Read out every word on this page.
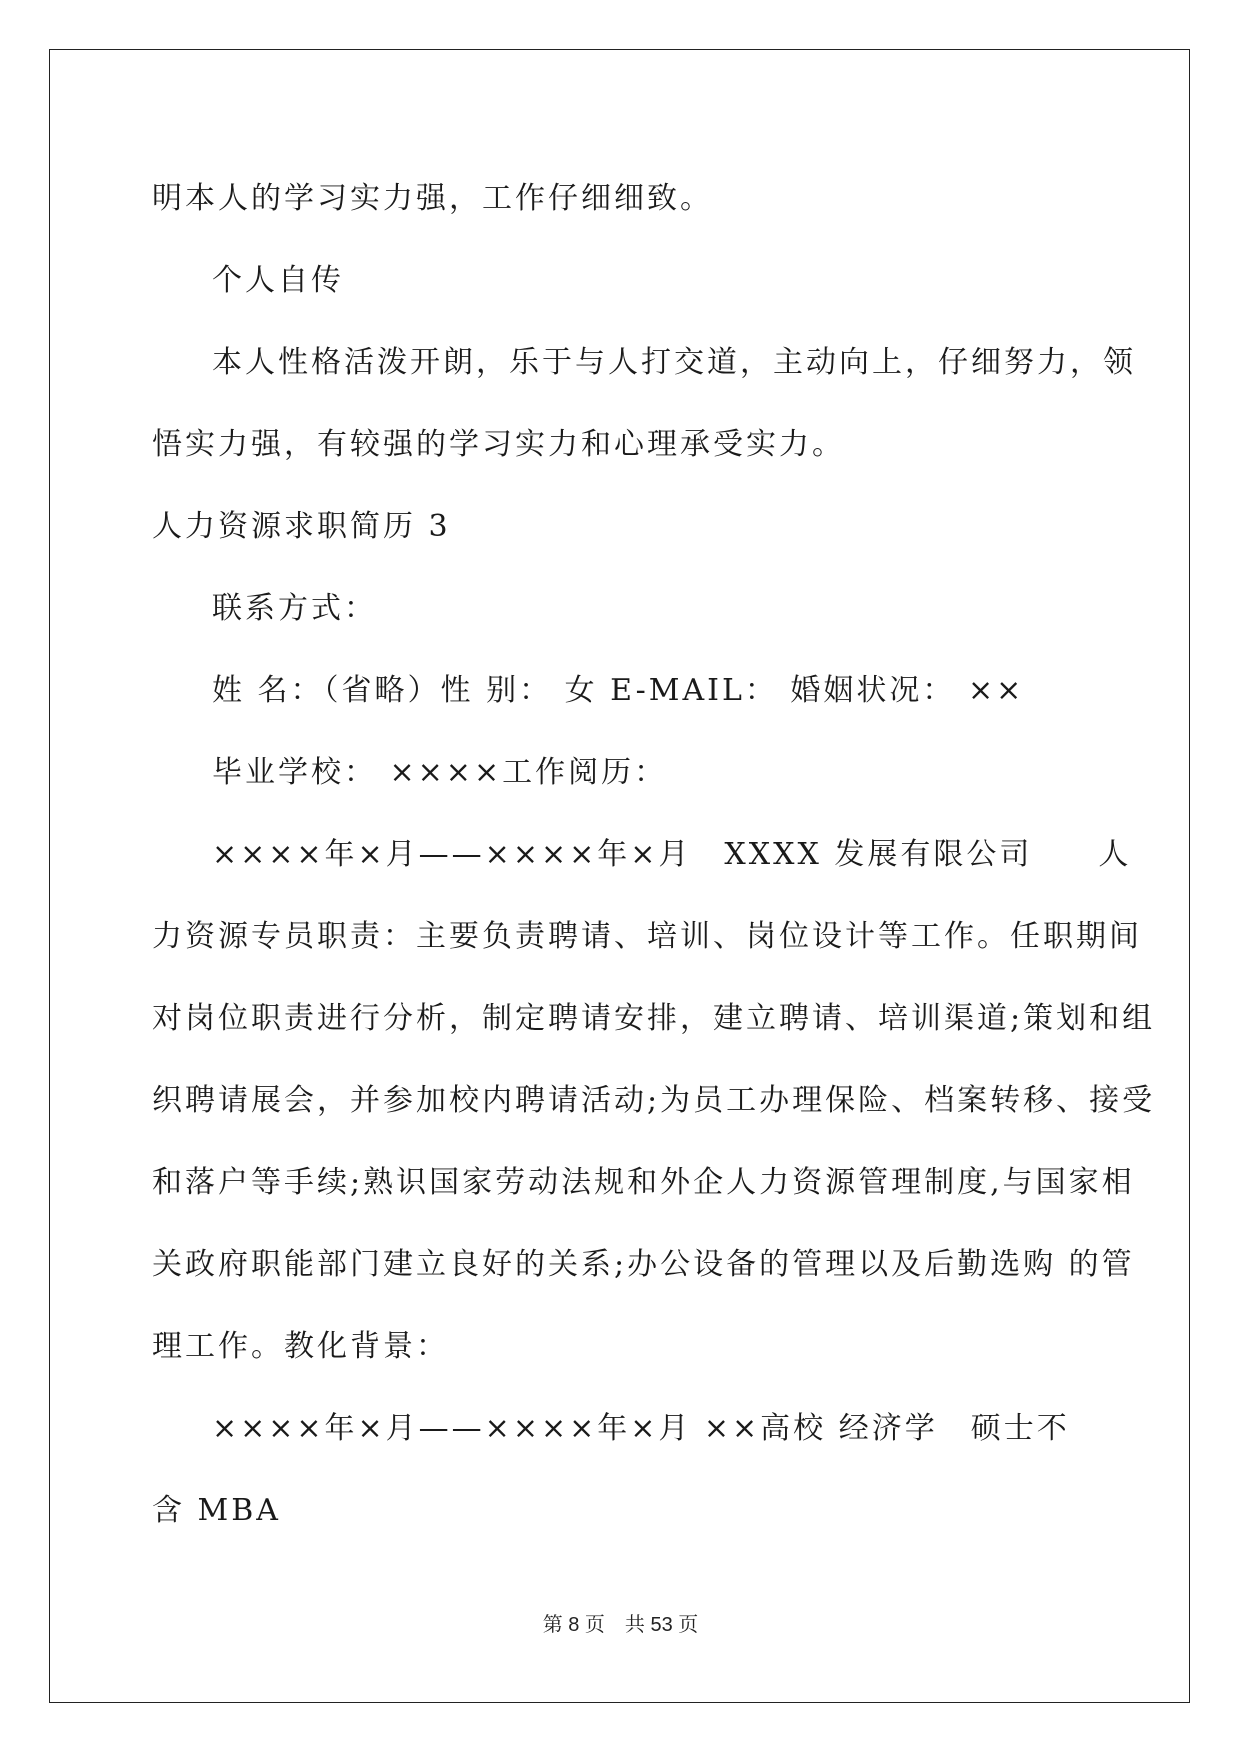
明本人的学习实力强，工作仔细细致。
个人自传
本人性格活泼开朗，乐于与人打交道，主动向上，仔细努力，领
悟实力强，有较强的学习实力和心理承受实力。
人力资源求职简历 3
联系方式：
姓 名：（省略）性 别： 女 E-MAIL： 婚姻状况： ××
毕业学校： ××××工作阅历：
××××年×月——××××年×月　XXXX 发展有限公司　　人
力资源专员职责：主要负责聘请、培训、岗位设计等工作。任职期间
对岗位职责进行分析，制定聘请安排，建立聘请、培训渠道;策划和组
织聘请展会，并参加校内聘请活动;为员工办理保险、档案转移、接受
和落户等手续;熟识国家劳动法规和外企人力资源管理制度,与国家相
关政府职能部门建立良好的关系;办公设备的管理以及后勤选购 的管
理工作。教化背景：
××××年×月——××××年×月 ××高校 经济学　硕士不
含 MBA
第 8 页　共 53 页
